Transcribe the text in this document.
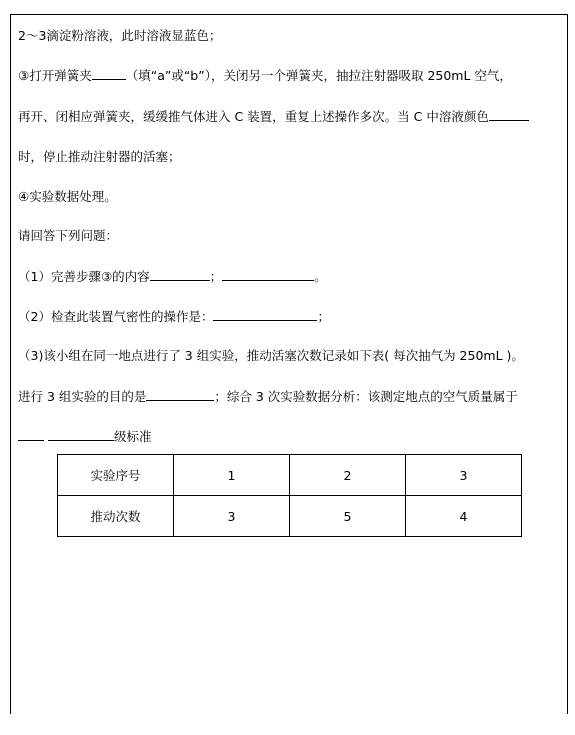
2～3滴淀粉溶液，此时溶液显蓝色；
③打开弹簧夹	（填“a”或“b”），关闭另一个弹簧夹，抽拉注射器吸取 250mL 空气，
再开、闭相应弹簧夹，缓缓推气体进入 C 装置，重复上述操作多次。当 C 中溶液颜色
时，停止推动注射器的活塞；
④实验数据处理。
请回答下列问题：
（1）完善步骤③的内容	；	。
（2）检查此装置气密性的操作是：	；
（3)该小组在同一地点进行了 3 组实验，推动活塞次数记录如下表( 每次抽气为 250mL )。
进行 3 组实验的目的是	；综合 3 次实验数据分析：该测定地点的空气质量属于
级标准
实验序号	1	2	3
推动次数	3	5	4
